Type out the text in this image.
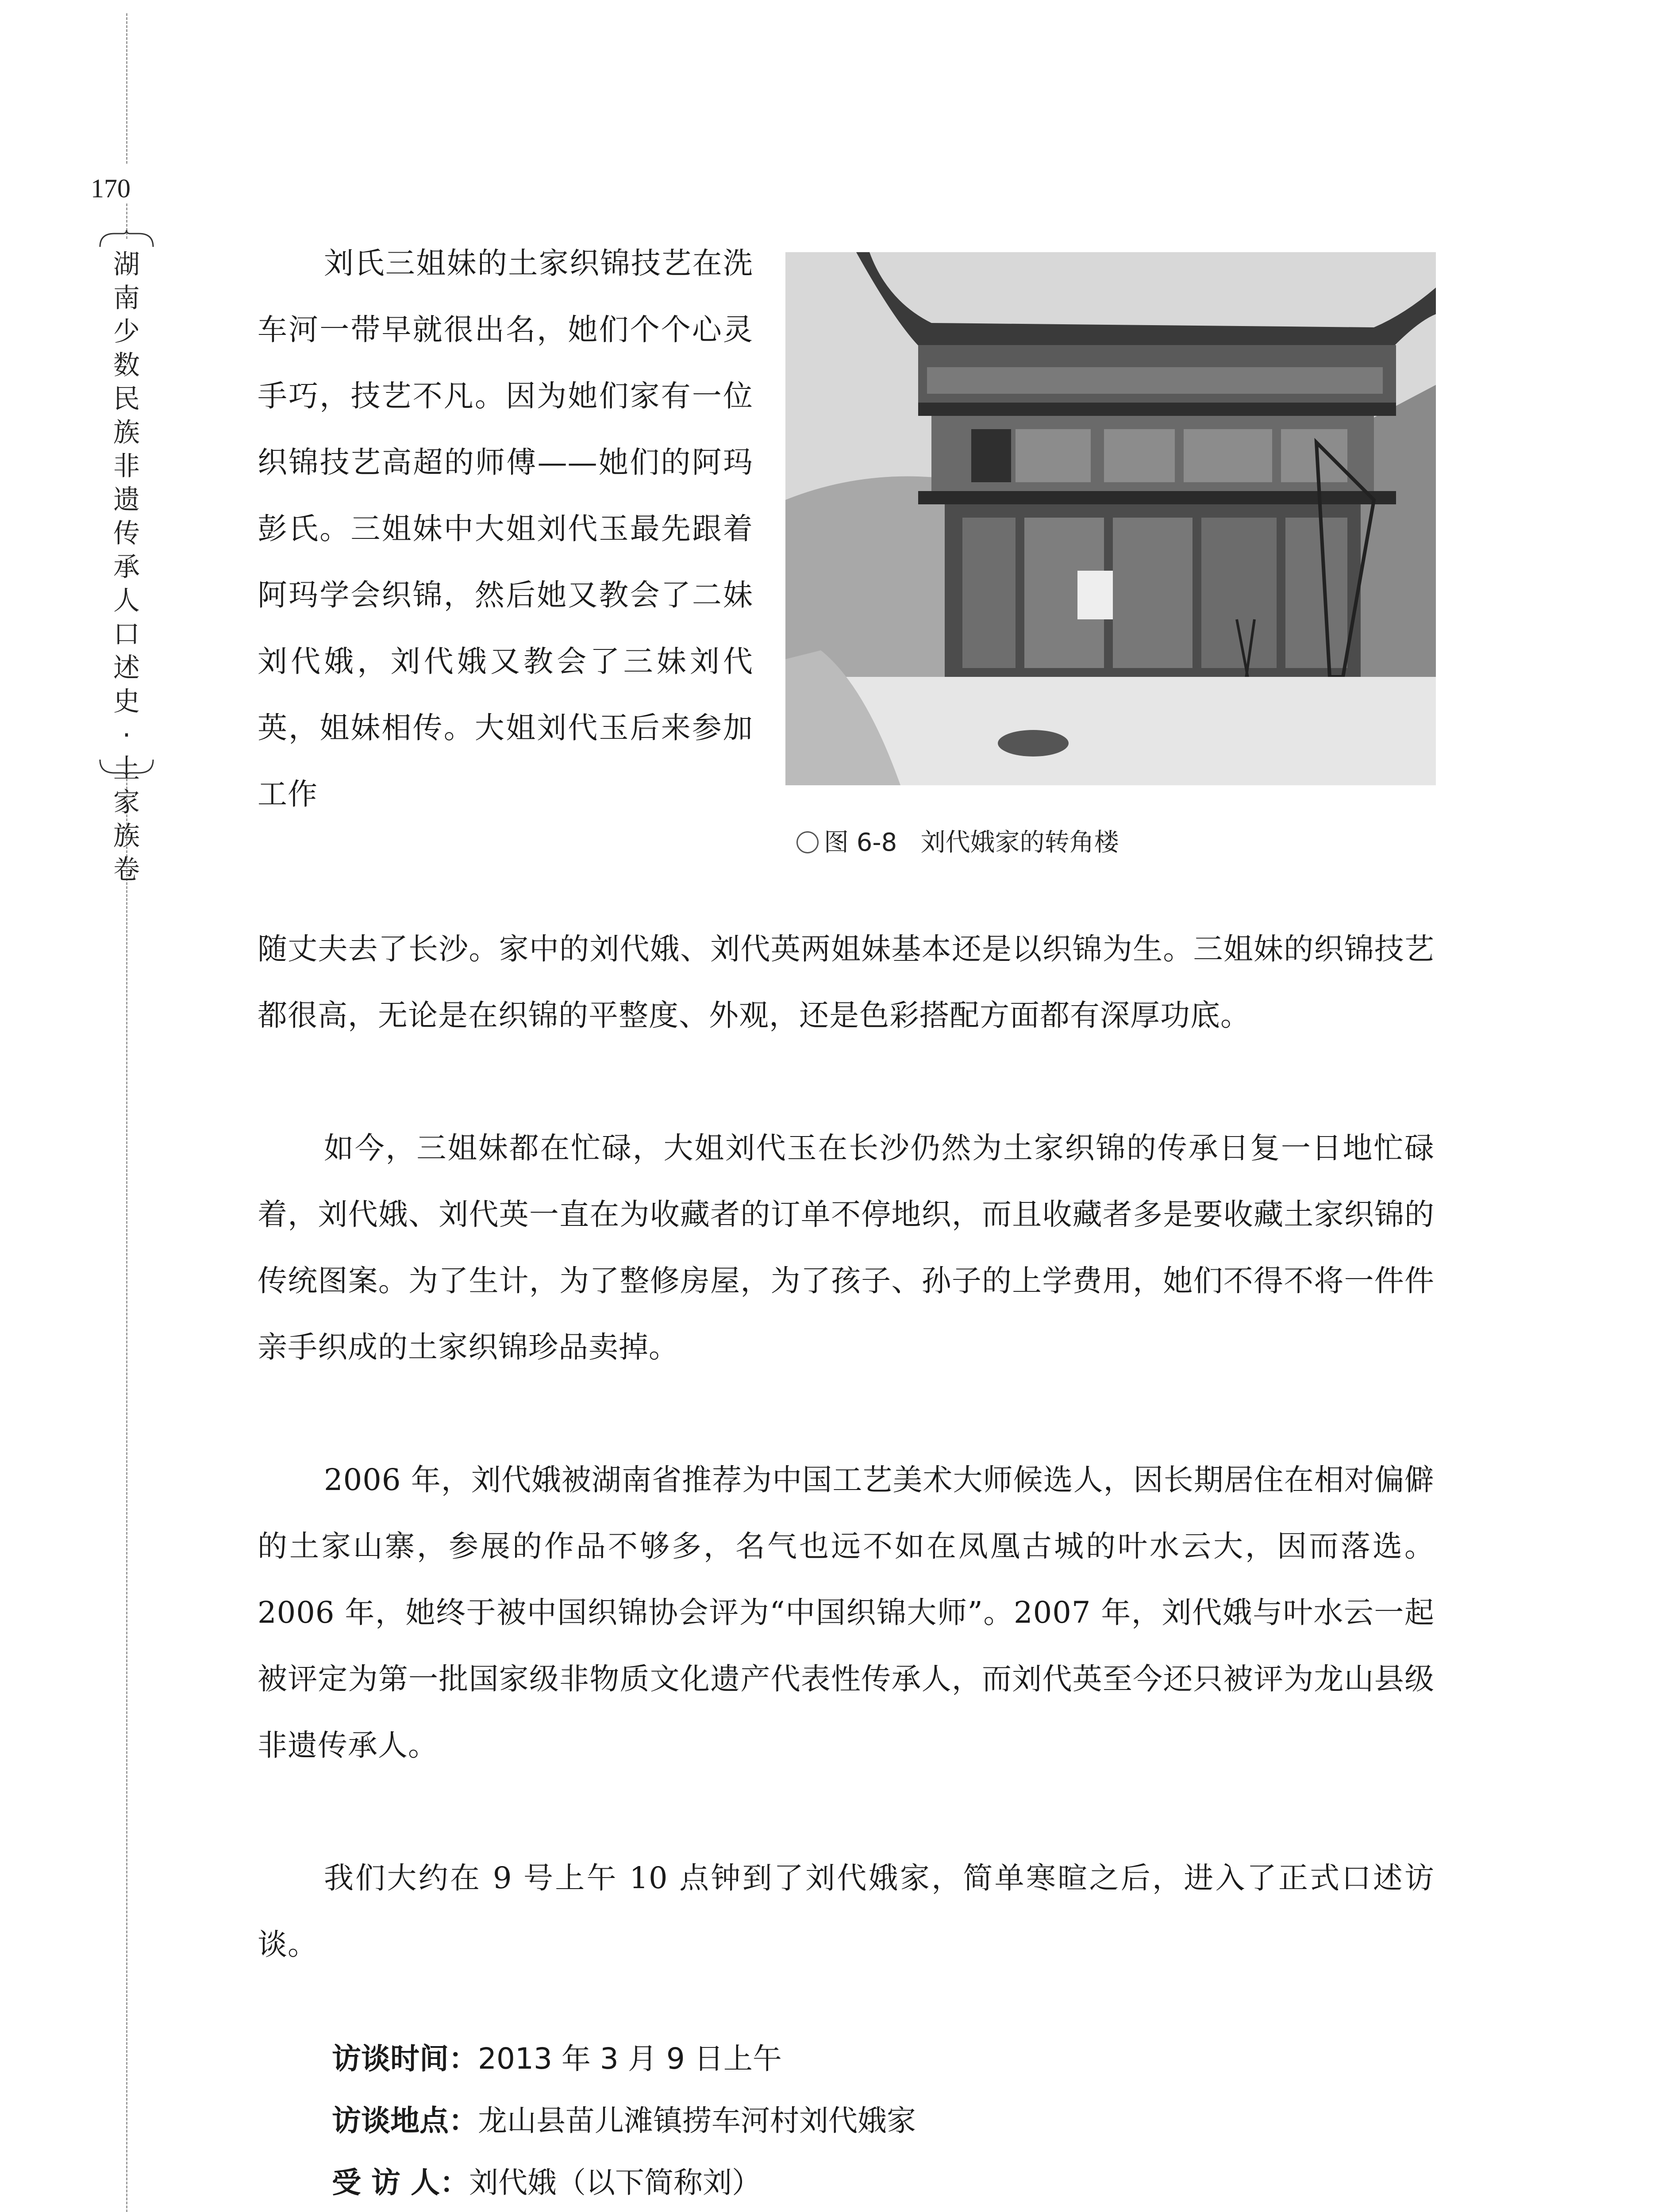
170
湖
南
少
数
民
族
非
遗
传
承
人
口
述
史
·
土
家
族
卷
图 6-8 刘代娥家的转角楼

刘氏三姐妹的土家织锦技艺在洗车河一带早就很出名，她们个个心灵手巧，技艺不凡。因为她们家有一位织锦技艺高超的师傅——她们的阿玛彭氏。三姐妹中大姐刘代玉最先跟着阿玛学会织锦，然后她又教会了二妹刘代娥，刘代娥又教会了三妹刘代英，姐妹相传。大姐刘代玉后来参加工作

随丈夫去了长沙。家中的刘代娥、刘代英两姐妹基本还是以织锦为生。三姐妹的织锦技艺都很高，无论是在织锦的平整度、外观，还是色彩搭配方面都有深厚功底。

如今，三姐妹都在忙碌，大姐刘代玉在长沙仍然为土家织锦的传承日复一日地忙碌着，刘代娥、刘代英一直在为收藏者的订单不停地织，而且收藏者多是要收藏土家织锦的传统图案。为了生计，为了整修房屋，为了孩子、孙子的上学费用，她们不得不将一件件亲手织成的土家织锦珍品卖掉。

2006 年，刘代娥被湖南省推荐为中国工艺美术大师候选人，因长期居住在相对偏僻的土家山寨，参展的作品不够多，名气也远不如在凤凰古城的叶水云大，因而落选。2006 年，她终于被中国织锦协会评为“中国织锦大师”。2007 年，刘代娥与叶水云一起被评定为第一批国家级非物质文化遗产代表性传承人，而刘代英至今还只被评为龙山县级非遗传承人。

我们大约在 9 号上午 10 点钟到了刘代娥家，简单寒暄之后，进入了正式口述访谈。

访谈时间：2013 年 3 月 9 日上午
访谈地点：龙山县苗儿滩镇捞车河村刘代娥家
受 访 人：刘代娥（以下简称刘）
